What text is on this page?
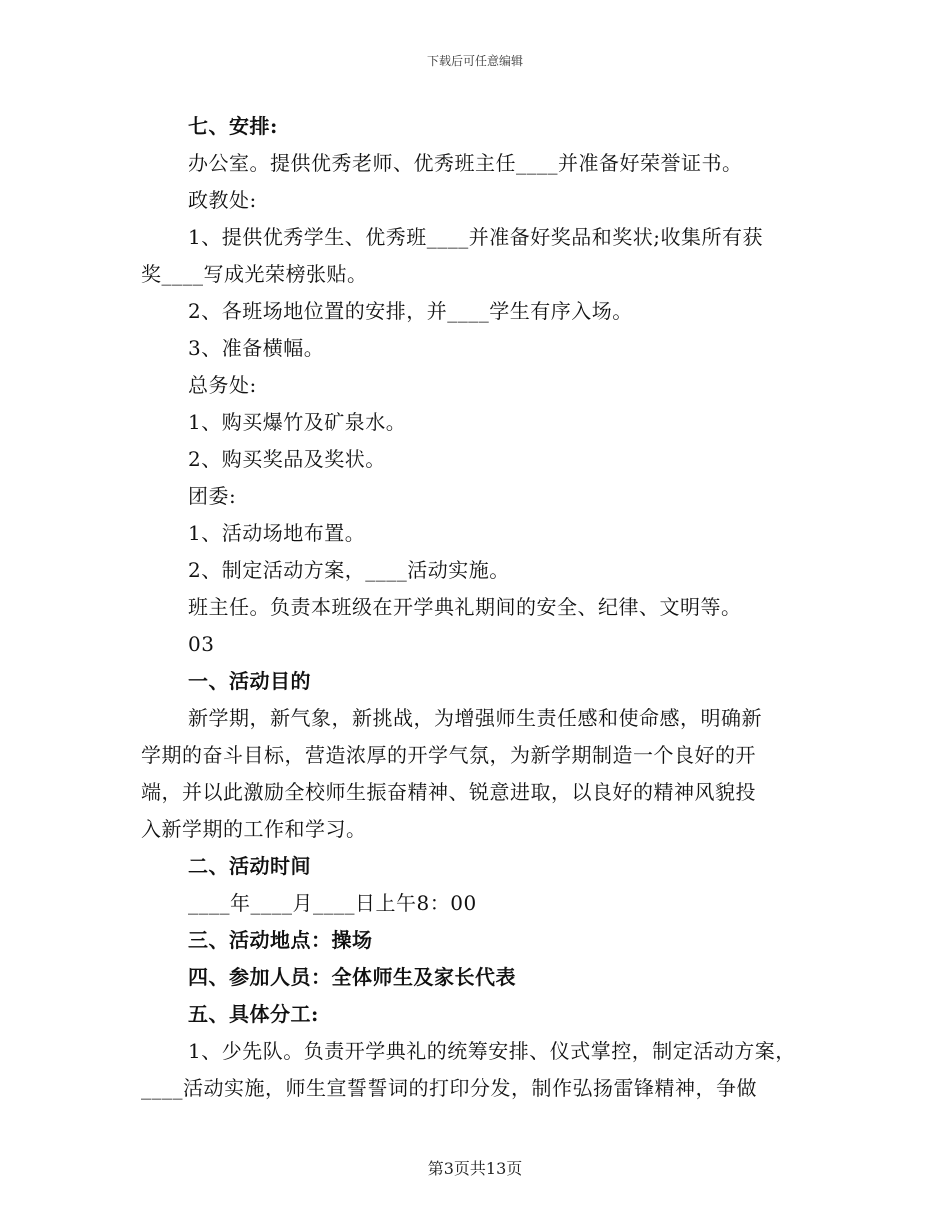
下载后可任意编辑
七、安排:
办公室。提供优秀老师、优秀班主任____并准备好荣誉证书。
政教处:
1、提供优秀学生、优秀班____并准备好奖品和奖状;收集所有获
奖____写成光荣榜张贴。
2、各班场地位置的安排，并____学生有序入场。
3、准备横幅。
总务处:
1、购买爆竹及矿泉水。
2、购买奖品及奖状。
团委:
1、活动场地布置。
2、制定活动方案，____活动实施。
班主任。负责本班级在开学典礼期间的安全、纪律、文明等。
03
一、活动目的
新学期，新气象，新挑战，为增强师生责任感和使命感，明确新
学期的奋斗目标，营造浓厚的开学气氛，为新学期制造一个良好的开
端，并以此激励全校师生振奋精神、锐意进取，以良好的精神风貌投
入新学期的工作和学习。
二、活动时间
____年____月____日上午8：00
三、活动地点：操场
四、参加人员：全体师生及家长代表
五、具体分工:
1、少先队。负责开学典礼的统筹安排、仪式掌控，制定活动方案，
____活动实施，师生宣誓誓词的打印分发，制作弘扬雷锋精神，争做
第3页共13页
